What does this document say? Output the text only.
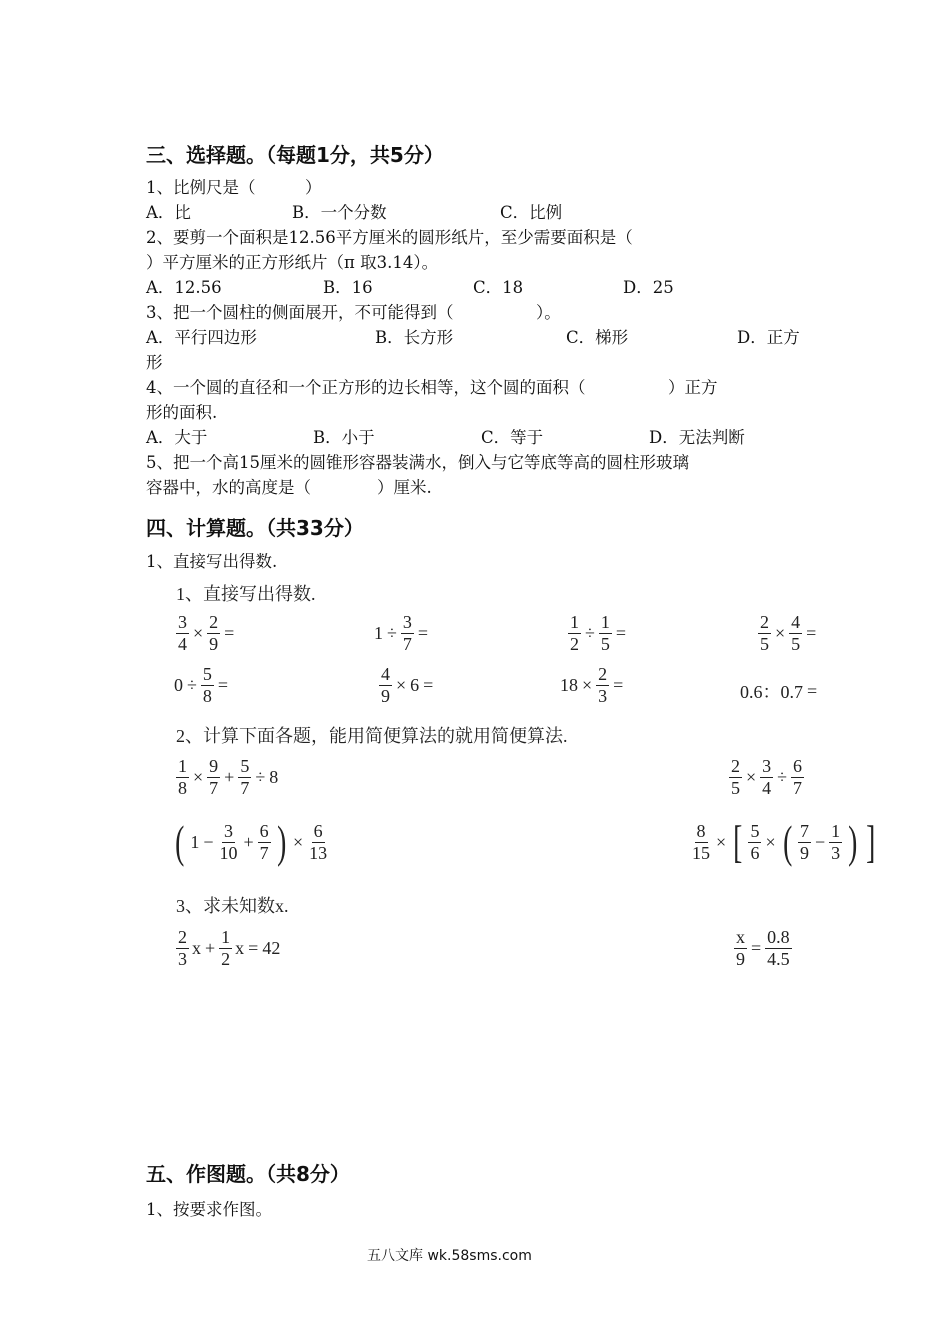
三、选择题。（每题1分，共5分）
1、比例尺是（　　　）
A．比	B．一个分数	C．比例
2、要剪一个面积是12.56平方厘米的圆形纸片，至少需要面积是（
）平方厘米的正方形纸片（π 取3.14）。
A．12.56	B．16	C．18	D．25
3、把一个圆柱的侧面展开，不可能得到（　　　　　）。
A．平行四边形	B．长方形	C．梯形	D．正方
形
4、一个圆的直径和一个正方形的边长相等，这个圆的面积（　　　　　）正方
形的面积.
A．大于	B．小于	C．等于	D．无法判断
5、把一个高15厘米的圆锥形容器装满水，倒入与它等底等高的圆柱形玻璃
容器中，水的高度是（　　　　）厘米.
四、计算题。（共33分）
1、直接写出得数.
1、直接写出得数.
$\frac{3}{4} \times \frac{2}{9}$ =	$1 \div \frac{3}{7}$ =	$\frac{1}{2} \div \frac{1}{5}$ =	$\frac{2}{5} \times \frac{4}{5}$ =
$0 \div \frac{5}{8}$ =	$\frac{4}{9} \times 6$ =	$18 \times \frac{2}{3}$ =	0.6：0.7 =
2、计算下面各题，能用简便算法的就用简便算法.
$\frac{1}{8} \times \frac{9}{7} + \frac{5}{7} \div 8$	$\frac{2}{5} \times \frac{3}{4} \div \frac{6}{7}$
( $1 - \frac{3}{10} + \frac{6}{7}$ ) × $\frac{6}{13}$	$\frac{8}{15}$ × [ $\frac{5}{6}$ × ( $\frac{7}{9} - \frac{1}{3}$ ) ]
3、求未知数x.
$\frac{2}{3}$ $x + \frac{1}{2}$ x = 42	$\frac{x}{9} = \frac{0.8}{4.5}$
五、作图题。（共8分）
1、按要求作图。
五八文库 wk.58sms.com
